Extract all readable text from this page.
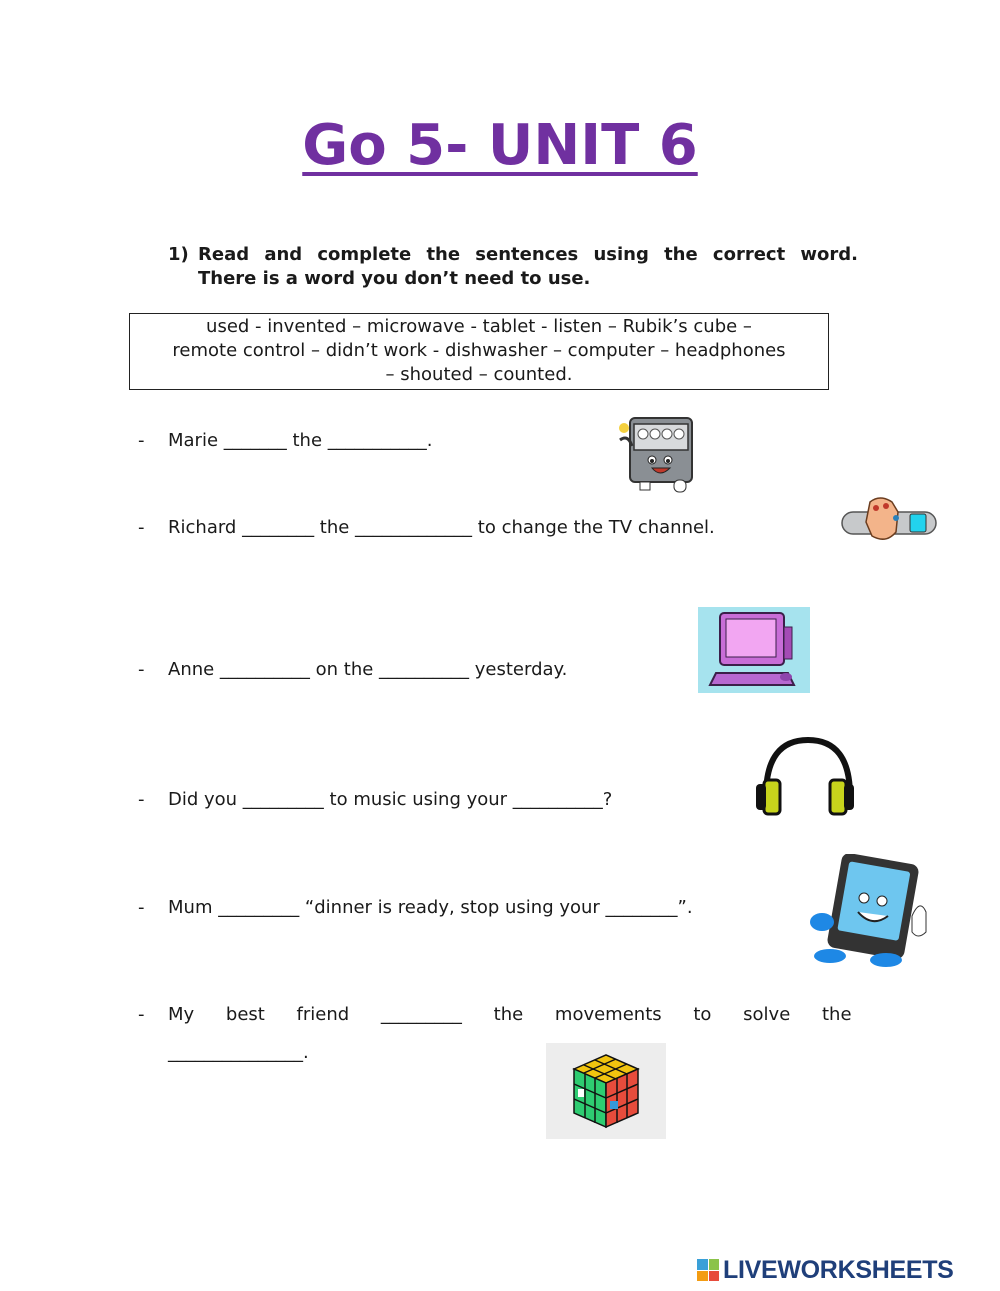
Go 5- UNIT 6
1) Read and complete the sentences using the correct word.
There is a word you don’t need to use.
used - invented – microwave - tablet - listen – Rubik’s cube –
remote control – didn’t work - dishwasher – computer – headphones
– shouted – counted.
- Marie _______ the ___________.
- Richard ________ the _____________ to change the TV channel.
- Anne __________ on the __________ yesterday.
- Did you _________ to music using your __________?
- Mum _________ “dinner is ready, stop using your ________”.
- My best friend _________ the movements to solve the
_______________.
LIVEWORKSHEETS
